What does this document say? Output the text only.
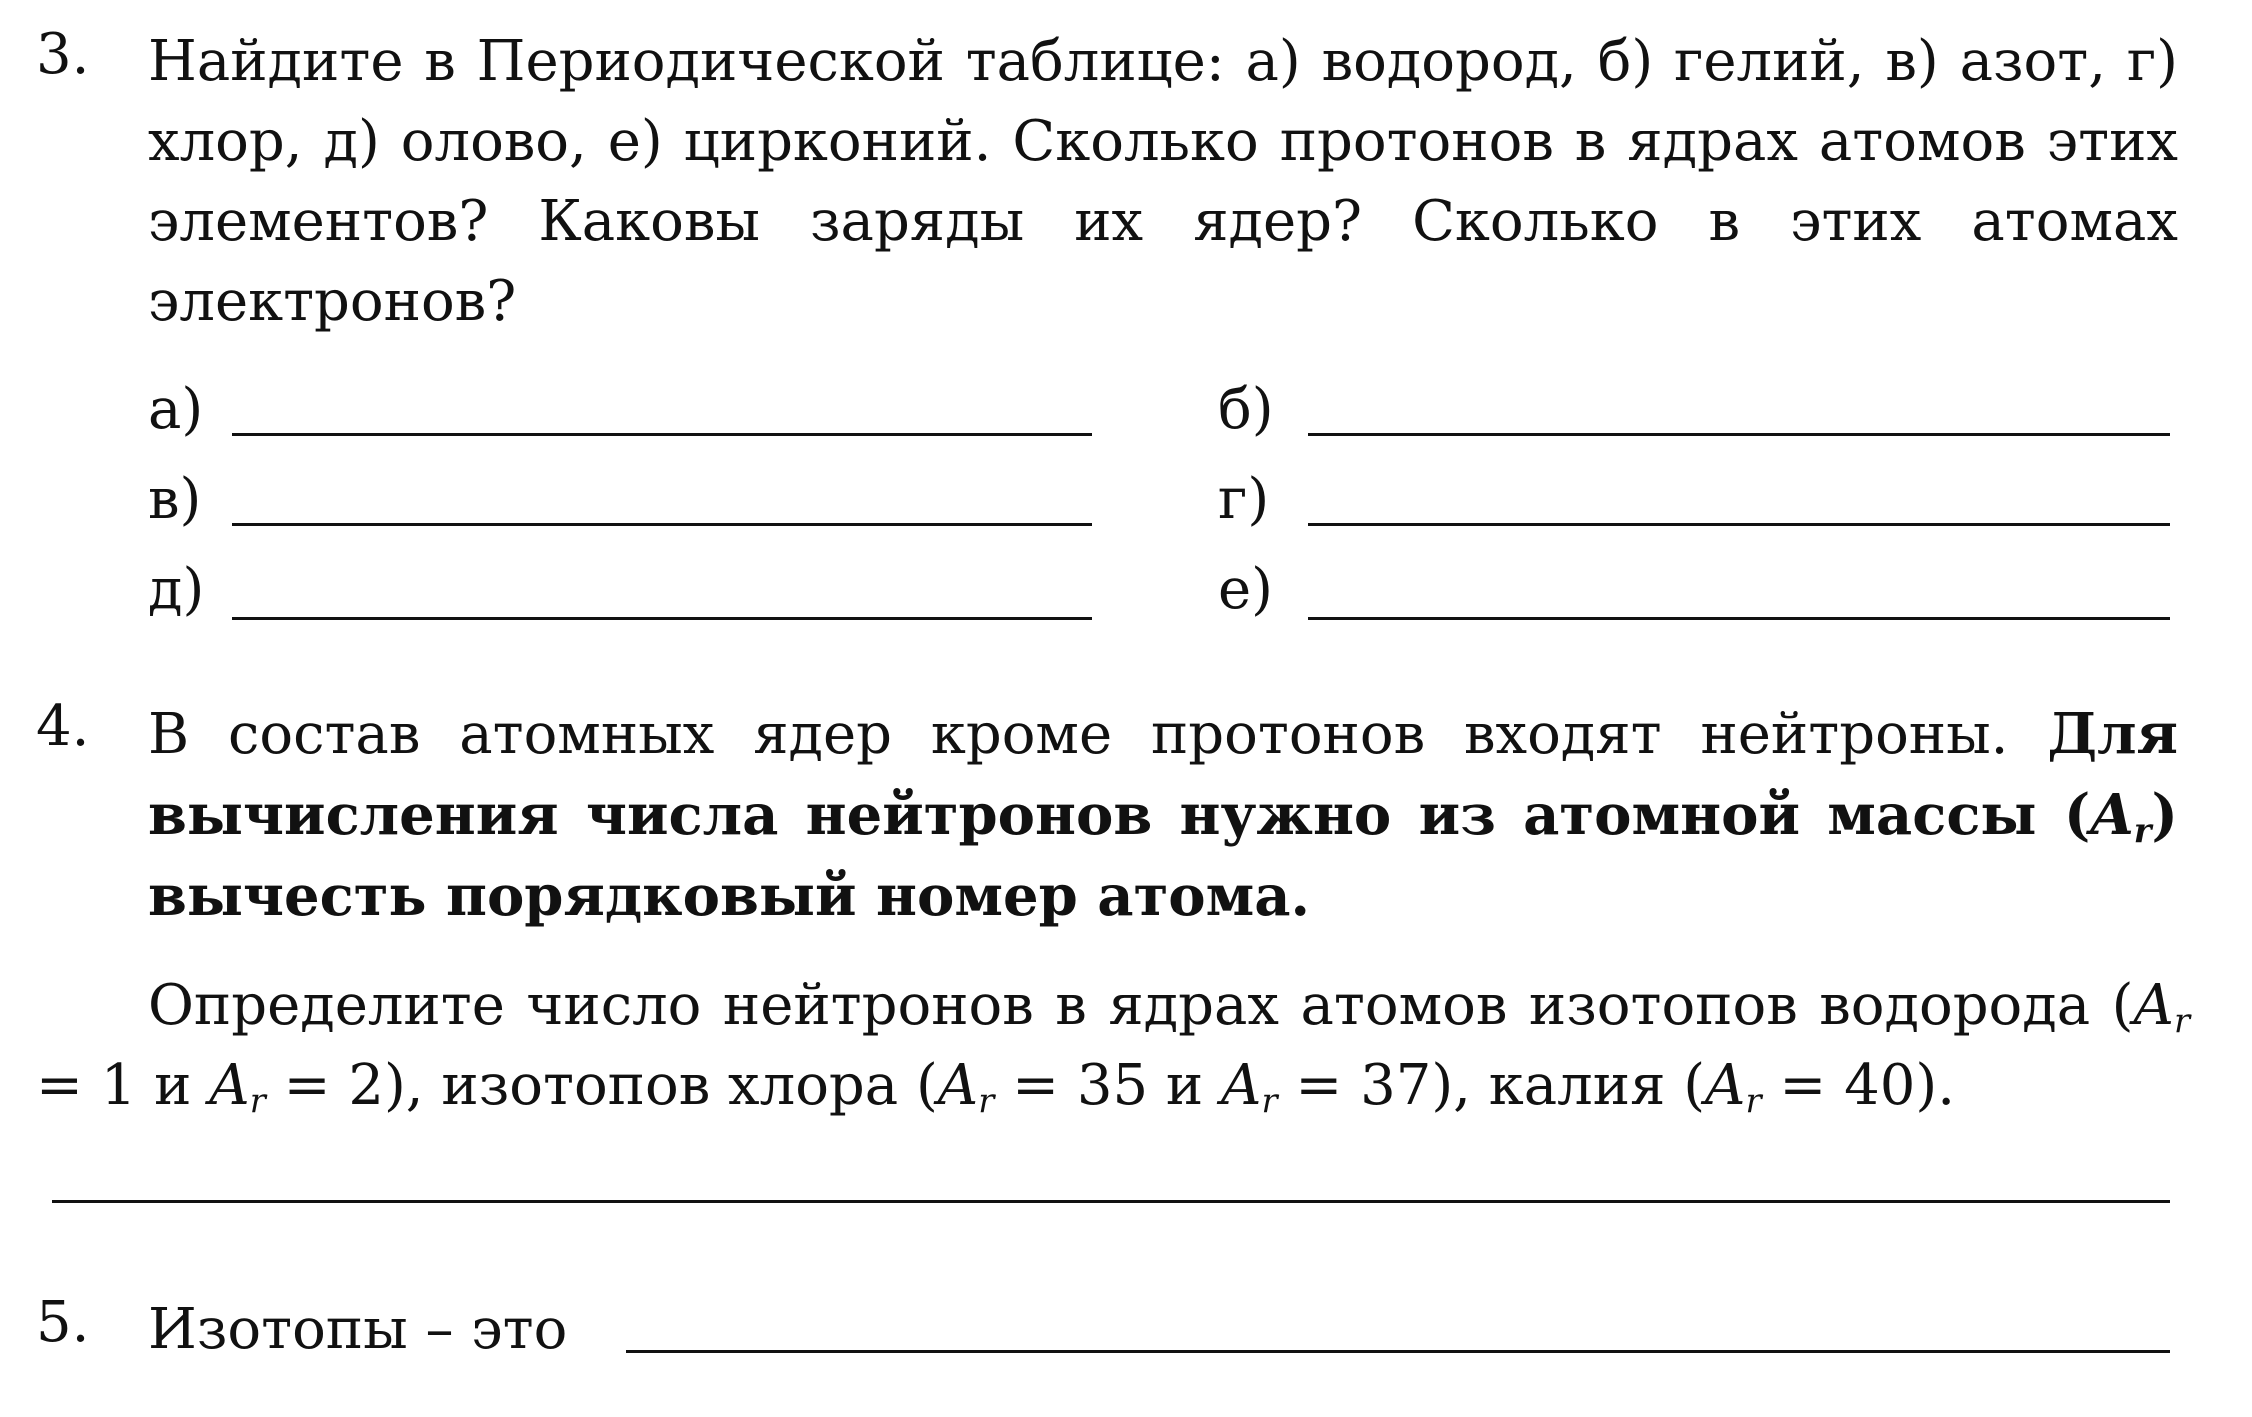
3. Найдите в Периодической таблице: а) водород, б) гелий, в) азот, г) хлор, д) олово, е) цирконий. Сколько протонов в ядрах атомов этих элементов? Каковы заряды их ядер? Сколько в этих атомах электронов?

а)	б)
в)	г)
д)	е)
4. В состав атомных ядер кроме протонов входят нейтроны. Для вычисления числа нейтронов нужно из атомной массы $(A_r)$ вычесть порядковый номер атома.

Определите число нейтронов в ядрах атомов изотопов водорода ($A_r = 1$ и $A_r = 2$), изотопов хлора ($A_r = 35$ и $A_r = 37$), калия $(A_r = 40)$.

5. Изотопы – это
